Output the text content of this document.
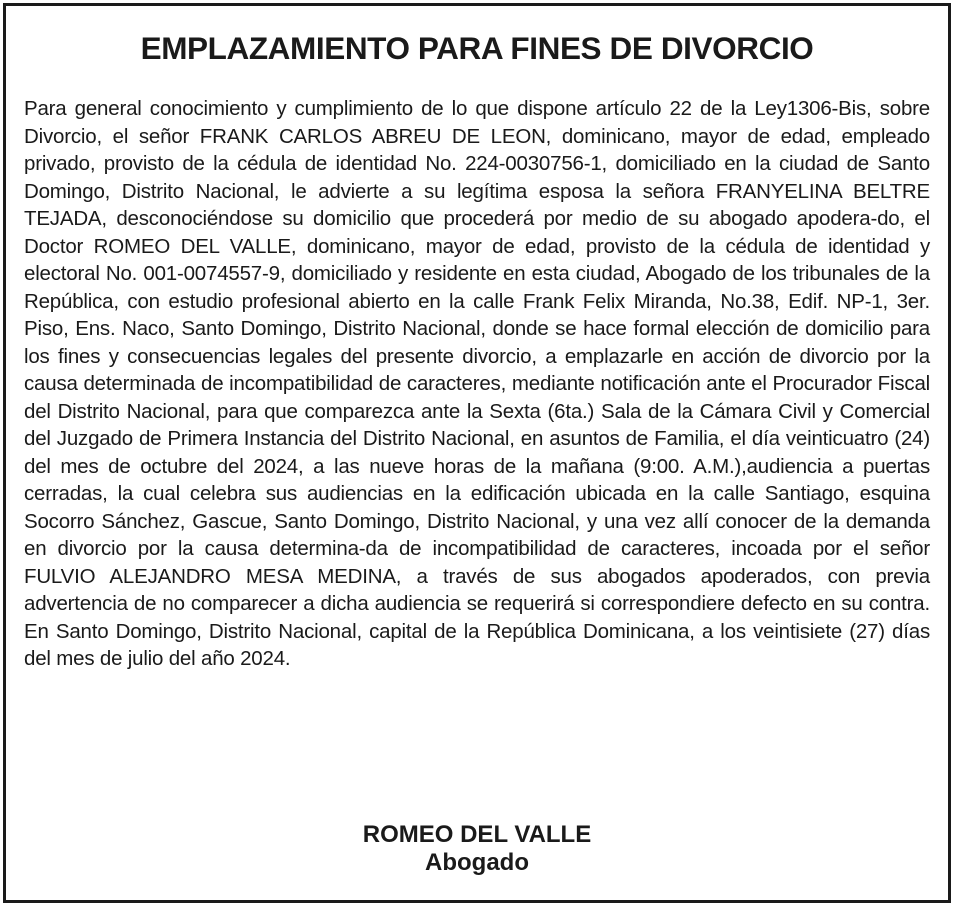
EMPLAZAMIENTO PARA FINES DE DIVORCIO

Para general conocimiento y cumplimiento de lo que dispone artículo 22 de la Ley1306-Bis, sobre Divorcio, el señor FRANK CARLOS ABREU DE LEON, dominicano, mayor de edad, empleado privado, provisto de la cédula de identidad No. 224-0030756-1, domiciliado en la ciudad de Santo Domingo, Distrito Nacional, le advierte a su legítima esposa la señora FRANYELINA BELTRE TEJADA, desconociéndose su domicilio que procederá por medio de su abogado apodera-do, el Doctor ROMEO DEL VALLE, dominicano, mayor de edad, provisto de la cédula de identidad y electoral No. 001-0074557-9, domiciliado y residente en esta ciudad, Abogado de los tribunales de la República, con estudio profesional abierto en la calle Frank Felix Miranda, No.38, Edif. NP-1, 3er. Piso, Ens. Naco, Santo Domingo, Distrito Nacional, donde se hace formal elección de domicilio para los fines y consecuencias legales del presente divorcio, a emplazarle en acción de divorcio por la causa determinada de incompatibilidad de caracteres, mediante notificación ante el Procurador Fiscal del Distrito Nacional, para que comparezca ante la Sexta (6ta.) Sala de la Cámara Civil y Comercial del Juzgado de Primera Instancia del Distrito Nacional, en asuntos de Familia, el día veinticuatro (24) del mes de octubre del 2024, a las nueve horas de la mañana (9:00. A.M.),audiencia a puertas cerradas, la cual celebra sus audiencias en la edificación ubicada en la calle Santiago, esquina Socorro Sánchez, Gascue, Santo Domingo, Distrito Nacional, y una vez allí conocer de la demanda en divorcio por la causa determina-da de incompatibilidad de caracteres, incoada por el señor FULVIO ALEJANDRO MESA MEDINA, a través de sus abogados apoderados, con previa advertencia de no comparecer a dicha audiencia se requerirá si correspondiere defecto en su contra. En Santo Domingo, Distrito Nacional, capital de la República Dominicana, a los veintisiete (27) días del mes de julio del año 2024.

ROMEO DEL VALLE

Abogado
